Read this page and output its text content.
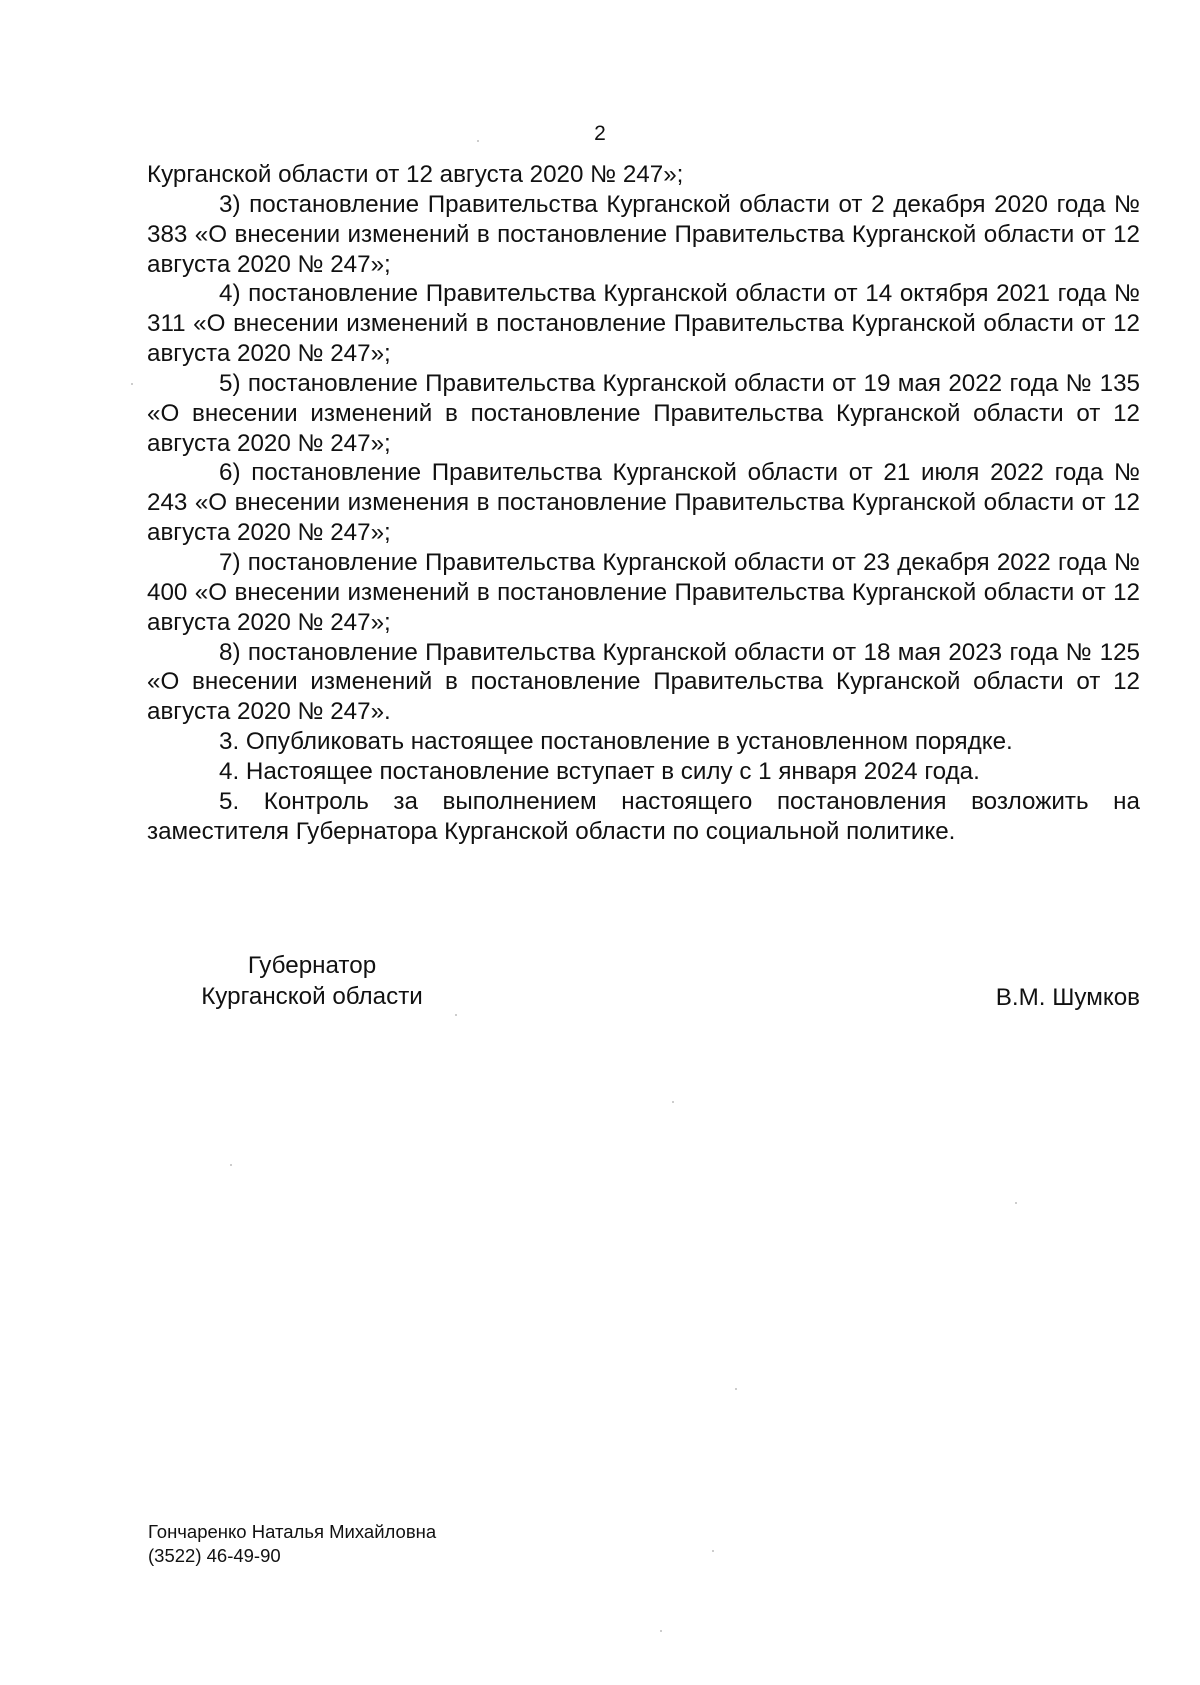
2

Курганской области от 12 августа 2020 № 247»;

3) постановление Правительства Курганской области от 2 декабря 2020 года № 383 «О внесении изменений в постановление Правительства Курганской области от 12 августа 2020 № 247»;

4) постановление Правительства Курганской области от 14 октября 2021 года № 311 «О внесении изменений в постановление Правительства Курганской области от 12 августа 2020 № 247»;

5) постановление Правительства Курганской области от 19 мая 2022 года № 135 «О внесении изменений в постановление Правительства Курганской области от 12 августа 2020 № 247»;

6) постановление Правительства Курганской области от 21 июля 2022 года № 243 «О внесении изменения в постановление Правительства Курганской области от 12 августа 2020 № 247»;

7) постановление Правительства Курганской области от 23 декабря 2022 года № 400 «О внесении изменений в постановление Правительства Курганской области от 12 августа 2020 № 247»;

8) постановление Правительства Курганской области от 18 мая 2023 года № 125 «О внесении изменений в постановление Правительства Курганской области от 12 августа 2020 № 247».

3. Опубликовать настоящее постановление в установленном порядке.

4. Настоящее постановление вступает в силу с 1 января 2024 года.

5. Контроль за выполнением настоящего постановления возложить на заместителя Губернатора Курганской области по социальной политике.

Губернатор
Курганской области	В.М. Шумков
Гончаренко Наталья Михайловна
(3522) 46-49-90
